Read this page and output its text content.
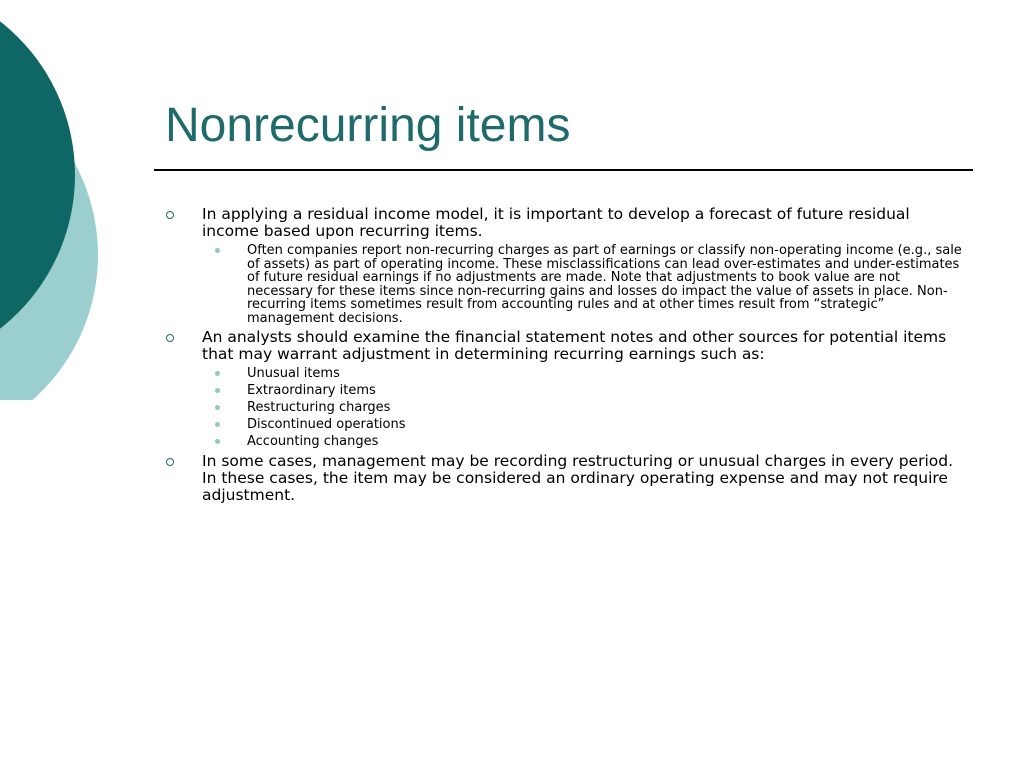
Nonrecurring items
In applying a residual income model, it is important to develop a forecast of future residual income based upon recurring items.
Often companies report non-recurring charges as part of earnings or classify non-operating income (e.g., sale of assets) as part of operating income. These misclassifications can lead over-estimates and under-estimates of future residual earnings if no adjustments are made. Note that adjustments to book value are not necessary for these items since non-recurring gains and losses do impact the value of assets in place. Non-recurring items sometimes result from accounting rules and at other times result from “strategic” management decisions.
An analysts should examine the financial statement notes and other sources for potential items that may warrant adjustment in determining recurring earnings such as:
Unusual items
Extraordinary items
Restructuring charges
Discontinued operations
Accounting changes
In some cases, management may be recording restructuring or unusual charges in every period. In these cases, the item may be considered an ordinary operating expense and may not require adjustment.
